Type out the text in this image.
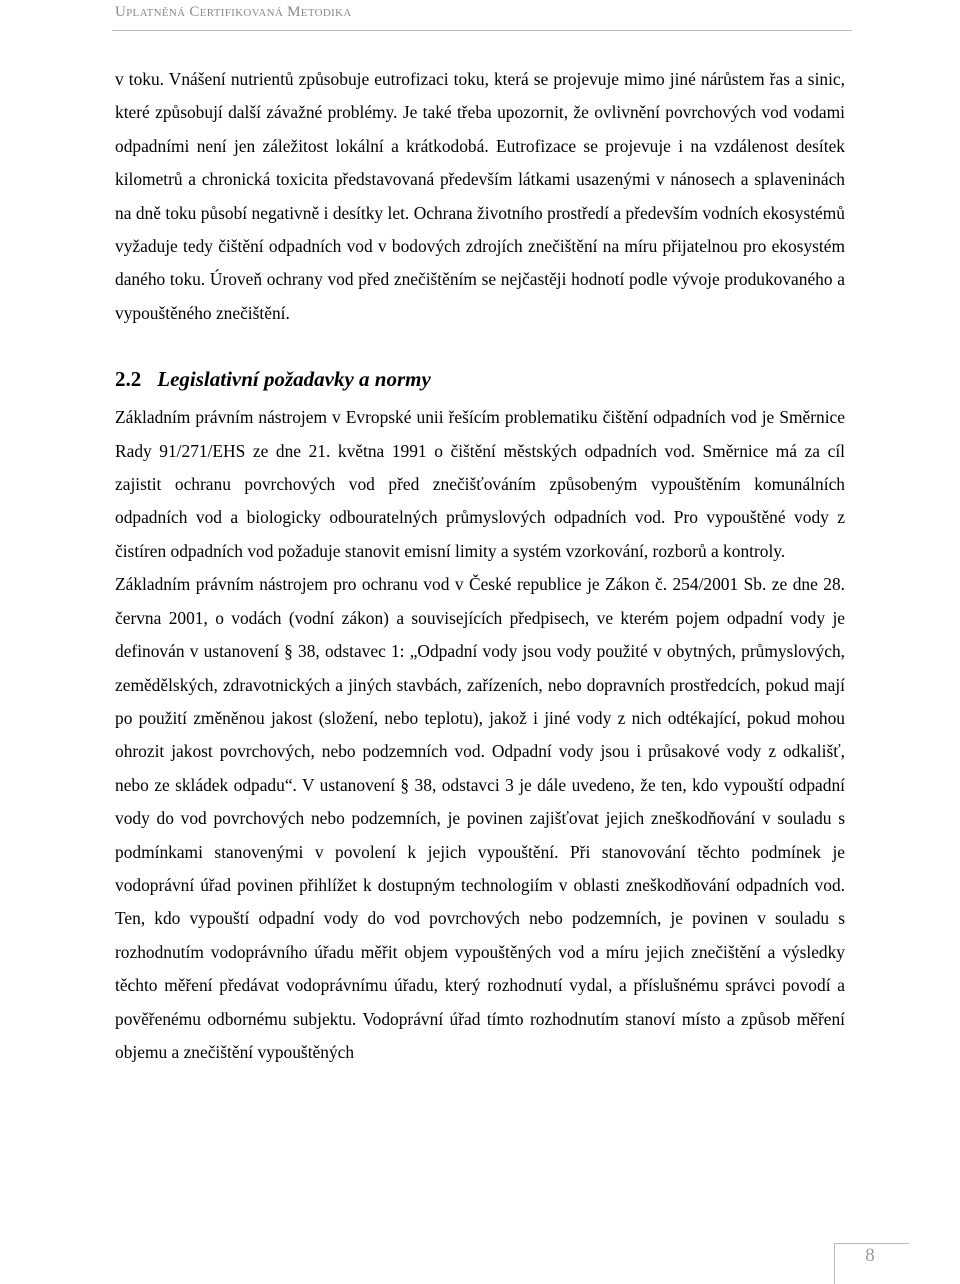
Uplatněná Certifikovaná Metodika

v toku. Vnášení nutrientů způsobuje eutrofizaci toku, která se projevuje mimo jiné nárůstem řas a sinic, které způsobují další závažné problémy. Je také třeba upozornit, že ovlivnění povrchových vod vodami odpadními není jen záležitost lokální a krátkodobá. Eutrofizace se projevuje i na vzdálenost desítek kilometrů a chronická toxicita představovaná především látkami usazenými v nánosech a splaveninách na dně toku působí negativně i desítky let. Ochrana životního prostředí a především vodních ekosystémů vyžaduje tedy čištění odpadních vod v bodových zdrojích znečištění na míru přijatelnou pro ekosystém daného toku. Úroveň ochrany vod před znečištěním se nejčastěji hodnotí podle vývoje produkovaného a vypouštěného znečištění.

2.2 Legislativní požadavky a normy

Základním právním nástrojem v Evropské unii řešícím problematiku čištění odpadních vod je Směrnice Rady 91/271/EHS ze dne 21. května 1991 o čištění městských odpadních vod. Směrnice má za cíl zajistit ochranu povrchových vod před znečišťováním způsobeným vypouštěním komunálních odpadních vod a biologicky odbouratelných průmyslových odpadních vod. Pro vypouštěné vody z čistíren odpadních vod požaduje stanovit emisní limity a systém vzorkování, rozborů a kontroly.

Základním právním nástrojem pro ochranu vod v České republice je Zákon č. 254/2001 Sb. ze dne 28. června 2001, o vodách (vodní zákon) a souvisejících předpisech, ve kterém pojem odpadní vody je definován v ustanovení § 38, odstavec 1: „Odpadní vody jsou vody použité v obytných, průmyslových, zemědělských, zdravotnických a jiných stavbách, zařízeních, nebo dopravních prostředcích, pokud mají po použití změněnou jakost (složení, nebo teplotu), jakož i jiné vody z nich odtékající, pokud mohou ohrozit jakost povrchových, nebo podzemních vod. Odpadní vody jsou i průsakové vody z odkališť, nebo ze skládek odpadu“. V ustanovení § 38, odstavci 3 je dále uvedeno, že ten, kdo vypouští odpadní vody do vod povrchových nebo podzemních, je povinen zajišťovat jejich zneškodňování v souladu s podmínkami stanovenými v povolení k jejich vypouštění. Při stanovování těchto podmínek je vodoprávní úřad povinen přihlížet k dostupným technologiím v oblasti zneškodňování odpadních vod. Ten, kdo vypouští odpadní vody do vod povrchových nebo podzemních, je povinen v souladu s rozhodnutím vodoprávního úřadu měřit objem vypouštěných vod a míru jejich znečištění a výsledky těchto měření předávat vodoprávnímu úřadu, který rozhodnutí vydal, a příslušnému správci povodí a pověřenému odbornému subjektu. Vodoprávní úřad tímto rozhodnutím stanoví místo a způsob měření objemu a znečištění vypouštěných

8
